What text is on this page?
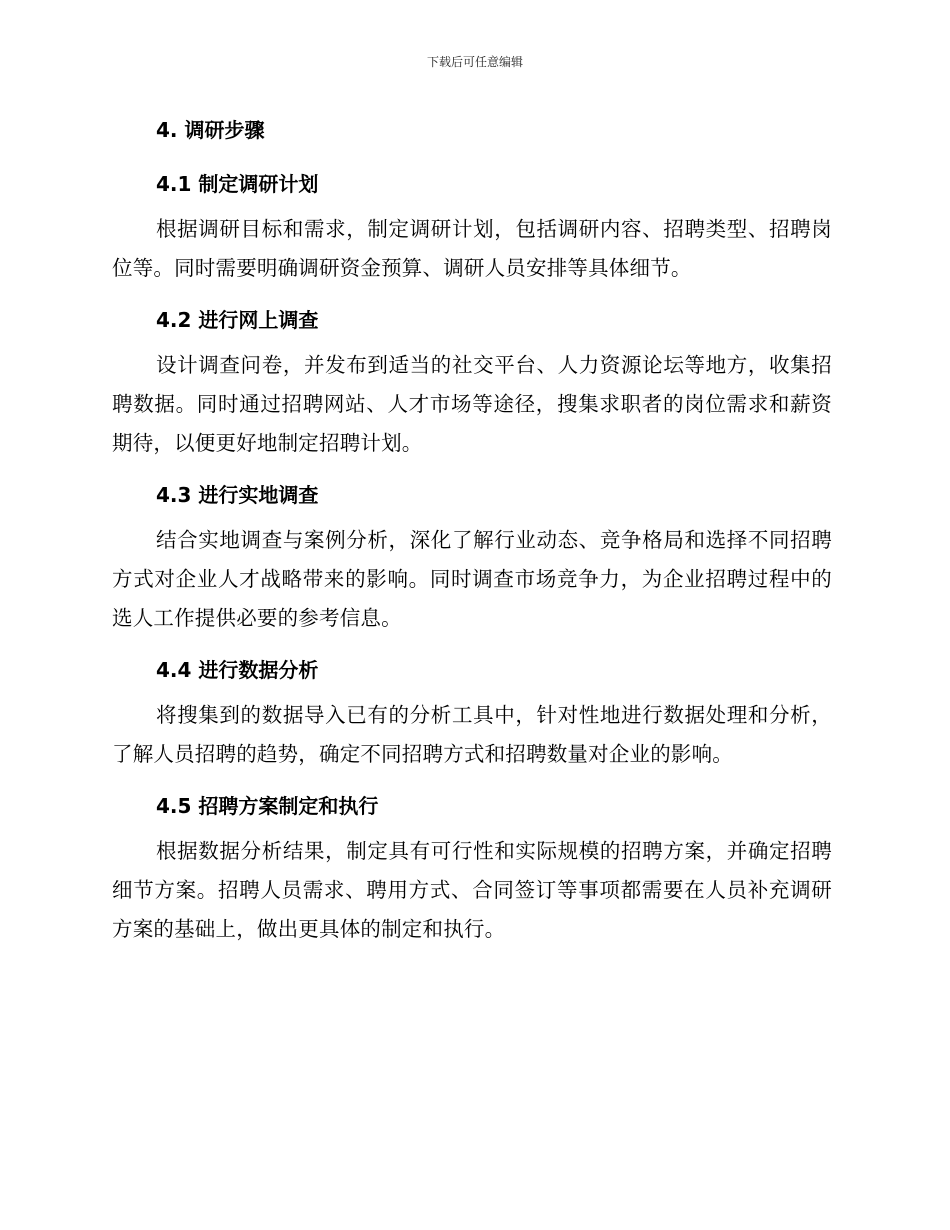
下载后可任意编辑
4. 调研步骤
4.1 制定调研计划

根据调研目标和需求，制定调研计划，包括调研内容、招聘类型、招聘岗位等。同时需要明确调研资金预算、调研人员安排等具体细节。

4.2 进行网上调查

设计调查问卷，并发布到适当的社交平台、人力资源论坛等地方，收集招聘数据。同时通过招聘网站、人才市场等途径，搜集求职者的岗位需求和薪资期待，以便更好地制定招聘计划。

4.3 进行实地调查

结合实地调查与案例分析，深化了解行业动态、竞争格局和选择不同招聘方式对企业人才战略带来的影响。同时调查市场竞争力，为企业招聘过程中的选人工作提供必要的参考信息。

4.4 进行数据分析

将搜集到的数据导入已有的分析工具中，针对性地进行数据处理和分析，了解人员招聘的趋势，确定不同招聘方式和招聘数量对企业的影响。

4.5 招聘方案制定和执行

根据数据分析结果，制定具有可行性和实际规模的招聘方案，并确定招聘细节方案。招聘人员需求、聘用方式、合同签订等事项都需要在人员补充调研方案的基础上，做出更具体的制定和执行。
